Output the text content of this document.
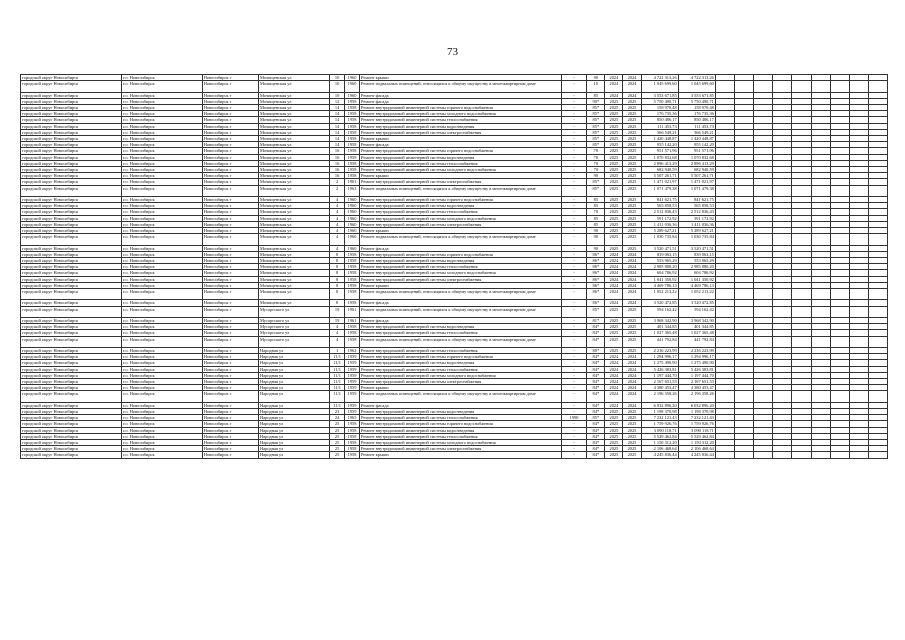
73
городской округ Новосибирск	г.о. Новосибирск	Новосибирск г	Мочищенская ул	10	1960	Ремонт крыши	-	90	2024	2024	4 722 313,26	4 722 313,26									
городской округ Новосибирск	г.о. Новосибирск	Новосибирск г	Мочищенская ул	10	1960	Ремонт подвальных помещений, относящихся к общему имуществу в многоквартирном доме	-	10	2024	2024	1 045 699,60	1 045 699,60									
городской округ Новосибирск	г.о. Новосибирск	Новосибирск г	Мочищенская ул	10	1960	Ремонт фасада	-	85	2024	2024	3 553 671,85	3 553 671,85									
городской округ Новосибирск	г.о. Новосибирск	Новосибирск г	Мочищенская ул	12	1958	Ремонт фасада	-	90*	2025	2025	5 750 490,71	5 750 490,71									
городской округ Новосибирск	г.о. Новосибирск	Новосибирск г	Мочищенская ул	14	1958	Ремонт внутридомовой инженерной системы горячего водоснабжения	-	85*	2025	2025	158 970,48	158 970,48									
городской округ Новосибирск	г.о. Новосибирск	Новосибирск г	Мочищенская ул	14	1958	Ремонт внутридомовой инженерной системы холодного водоснабжения	-	85*	2025	2025	176 735,36	176 735,36									
городской округ Новосибирск	г.о. Новосибирск	Новосибирск г	Мочищенская ул	14	1958	Ремонт внутридомовой инженерной системы теплоснабжения	-	85*	2025	2025	850 486,17	850 486,17									
городской округ Новосибирск	г.о. Новосибирск	Новосибирск г	Мочищенская ул	14	1958	Ремонт внутридомовой инженерной системы водоотведения	-	85*	2025	2025	111 453,73	111 453,73									
городской округ Новосибирск	г.о. Новосибирск	Новосибирск г	Мочищенская ул	14	1958	Ремонт внутридомовой инженерной системы электроснабжения	-	85*	2025	2025	366 549,21	366 549,21									
городской округ Новосибирск	г.о. Новосибирск	Новосибирск г	Мочищенская ул	14	1958	Ремонт крыши	-	85*	2025	2025	1 420 448,87	1 420 448,87									
городской округ Новосибирск	г.о. Новосибирск	Новосибирск г	Мочищенская ул	14	1958	Ремонт фасада	-	85*	2025	2025	955 142,20	955 142,20									
городской округ Новосибирск	г.о. Новосибирск	Новосибирск г	Мочищенская ул	16	1958	Ремонт внутридомовой инженерной системы горячего водоснабжения	-	70	2025	2025	951 571,96	951 571,96									
городской округ Новосибирск	г.о. Новосибирск	Новосибирск г	Мочищенская ул	16	1958	Ремонт внутридомовой инженерной системы водоотведения	-	70	2025	2025	1 070 832,68	1 070 832,68									
городской округ Новосибирск	г.о. Новосибирск	Новосибирск г	Мочищенская ул	16	1958	Ремонт внутридомовой инженерной системы теплоснабжения	-	70	2025	2025	2 896 413,29	2 896 413,29									
городской округ Новосибирск	г.о. Новосибирск	Новосибирск г	Мочищенская ул	16	1958	Ремонт внутридомовой инженерной системы холодного водоснабжения	-	70	2025	2025	682 940,59	682 940,59									
городской округ Новосибирск	г.о. Новосибирск	Новосибирск г	Мочищенская ул	16	1958	Ремонт крыши	-	90	2025	2025	5 507 261,71	5 507 261,71									
городской округ Новосибирск	г.о. Новосибирск	Новосибирск г	Мочищенская ул	2	1961	Ремонт внутридомовой инженерной системы электроснабжения	-	85*	2025	2025	1 471 021,97	1 471 021,97									
городской округ Новосибирск	г.о. Новосибирск	Новосибирск г	Мочищенская ул	2	1961	Ремонт подвальных помещений, относящихся к общему имуществу в многоквартирном доме	-	85*	2025	2025	1 071 479,38	1 071 479,38									
городской округ Новосибирск	г.о. Новосибирск	Новосибирск г	Мочищенская ул	4	1960	Ремонт внутридомовой инженерной системы горячего водоснабжения	-	85	2025	2025	841 621,75	841 621,75									
городской округ Новосибирск	г.о. Новосибирск	Новосибирск г	Мочищенская ул	4	1960	Ремонт внутридомовой инженерной системы водоотведения	-	85	2025	2025	565 858,53	565 858,53									
городской округ Новосибирск	г.о. Новосибирск	Новосибирск г	Мочищенская ул	4	1960	Ремонт внутридомовой инженерной системы теплоснабжения	-	70	2025	2025	2 512 836,43	2 512 836,43									
городской округ Новосибирск	г.о. Новосибирск	Новосибирск г	Мочищенская ул	4	1960	Ремонт внутридомовой инженерной системы холодного водоснабжения	-	85	2025	2025	591 172,92	591 172,92									
городской округ Новосибирск	г.о. Новосибирск	Новосибирск г	Мочищенская ул	4	1960	Ремонт внутридомовой инженерной системы электроснабжения	-	85	2025	2025	1 411 036,36	1 411 036,36									
городской округ Новосибирск	г.о. Новосибирск	Новосибирск г	Мочищенская ул	4	1960	Ремонт крыши	-	90	2025	2025	5 289 627,21	5 289 627,21									
городской округ Новосибирск	г.о. Новосибирск	Новосибирск г	Мочищенская ул	4	1960	Ремонт подвальных помещений, относящихся к общему имуществу в многоквартирном доме	-	90	2025	2025	1 030 735,84	1 030 735,84									
городской округ Новосибирск	г.о. Новосибирск	Новосибирск г	Мочищенская ул	4	1960	Ремонт фасада	-	90	2025	2025	3 520 471,51	3 520 471,51									
городской округ Новосибирск	г.о. Новосибирск	Новосибирск г	Мочищенская ул	8	1958	Ремонт внутридомовой инженерной системы горячего водоснабжения	-	86*	2024	2024	839 063,15	839 063,15									
городской округ Новосибирск	г.о. Новосибирск	Новосибирск г	Мочищенская ул	8	1958	Ремонт внутридомовой инженерной системы водоотведения	-	86*	2024	2024	553 965,29	553 965,29									
городской округ Новосибирск	г.о. Новосибирск	Новосибирск г	Мочищенская ул	8	1958	Ремонт внутридомовой инженерной системы теплоснабжения	-	86*	2024	2024	2 985 880,20	2 985 880,20									
городской округ Новосибирск	г.о. Новосибирск	Новосибирск г	Мочищенская ул	8	1958	Ремонт внутридомовой инженерной системы холодного водоснабжения	-	86*	2024	2024	604 786,92	604 786,92									
городской округ Новосибирск	г.о. Новосибирск	Новосибирск г	Мочищенская ул	8	1958	Ремонт внутридомовой инженерной системы электроснабжения	-	86*	2024	2024	1 041 350,92	1 041 350,92									
городской округ Новосибирск	г.о. Новосибирск	Новосибирск г	Мочищенская ул	8	1958	Ремонт крыши	-	86*	2024	2024	4 469 786,13	4 469 786,13									
городской округ Новосибирск	г.о. Новосибирск	Новосибирск г	Мочищенская ул	8	1958	Ремонт подвальных помещений, относящихся к общему имуществу в многоквартирном доме	-	86*	2024	2024	1 052 213,22	1 052 213,22									
городской округ Новосибирск	г.о. Новосибирск	Новосибирск г	Мочищенская ул	8	1958	Ремонт фасада	-	86*	2024	2024	3 520 472,85	3 520 472,85									
городской округ Новосибирск	г.о. Новосибирск	Новосибирск г	Мусоргского ул	19	1961	Ремонт подвальных помещений, относящихся к общему имуществу в многоквартирном доме	-	85*	2025	2025	594 162,42	594 162,42									
городской округ Новосибирск	г.о. Новосибирск	Новосибирск г	Мусоргского ул	19	1961	Ремонт фасада	-	81*	2025	2025	3 968 342,90	3 968 342,90									
городской округ Новосибирск	г.о. Новосибирск	Новосибирск г	Мусоргского ул	4	1958	Ремонт внутридомовой инженерной системы водоотведения	-	84*	2025	2025	401 344,85	401 344,85									
городской округ Новосибирск	г.о. Новосибирск	Новосибирск г	Мусоргского ул	4	1958	Ремонт внутридомовой инженерной системы теплоснабжения	-	84*	2025	2025	1 027 365,48	1 027 365,48									
городской округ Новосибирск	г.о. Новосибирск	Новосибирск г	Мусоргского ул	4	1958	Ремонт подвальных помещений, относящихся к общему имуществу в многоквартирном доме	-	84*	2025	2025	441 792,84	441 792,84									
городской округ Новосибирск	г.о. Новосибирск	Новосибирск г	Народная ул	1	1962	Ремонт внутридомовой инженерной системы теплоснабжения	-	80*	2025	2025	2 216 223,99	2 216 223,99									
городской округ Новосибирск	г.о. Новосибирск	Новосибирск г	Народная ул	11/1	1959	Ремонт внутридомовой инженерной системы горячего водоснабжения	-	84*	2024	2024	1 294 996,17	1 294 996,17									
городской округ Новосибирск	г.о. Новосибирск	Новосибирск г	Народная ул	11/1	1959	Ремонт внутридомовой инженерной системы водоотведения	-	84*	2024	2024	1 275 490,90	1 275 490,90									
городской округ Новосибирск	г.о. Новосибирск	Новосибирск г	Народная ул	11/1	1959	Ремонт внутридомовой инженерной системы теплоснабжения	-	84*	2024	2024	5 426 383,81	5 426 383,81									
городской округ Новосибирск	г.о. Новосибирск	Новосибирск г	Народная ул	11/1	1959	Ремонт внутридомовой инженерной системы холодного водоснабжения	-	84*	2024	2024	1 197 444,70	1 197 444,70									
городской округ Новосибирск	г.о. Новосибирск	Новосибирск г	Народная ул	11/1	1959	Ремонт внутридомовой инженерной системы электроснабжения	-	84*	2024	2024	2 167 651,53	2 167 651,53									
городской округ Новосибирск	г.о. Новосибирск	Новосибирск г	Народная ул	11/1	1959	Ремонт крыши	-	84*	2024	2024	4 380 453,47	4 380 453,47									
городской округ Новосибирск	г.о. Новосибирск	Новосибирск г	Народная ул	11/1	1959	Ремонт подвальных помещений, относящихся к общему имуществу в многоквартирном доме	-	84*	2024	2024	2 196 358,26	2 196 358,26									
городской округ Новосибирск	г.о. Новосибирск	Новосибирск г	Народная ул	11/1	1959	Ремонт фасада	-	84*	2024	2024	6 032 896,20	6 032 896,20									
городской округ Новосибирск	г.о. Новосибирск	Новосибирск г	Народная ул	23	1959	Ремонт внутридомовой инженерной системы водоотведения	-	84*	2025	2025	1 198 370,98	1 198 370,98									
городской округ Новосибирск	г.о. Новосибирск	Новосибирск г	Народная ул	24	1965	Ремонт внутридомовой инженерной системы теплоснабжения	1990	85*	2025	2025	7 232 121,43	7 232 121,43									
городской округ Новосибирск	г.о. Новосибирск	Новосибирск г	Народная ул	25	1958	Ремонт внутридомовой инженерной системы горячего водоснабжения	-	84*	2025	2025	1 759 926,76	1 759 926,76									
городской округ Новосибирск	г.о. Новосибирск	Новосибирск г	Народная ул	25	1958	Ремонт внутридомовой инженерной системы водоотведения	-	84*	2025	2025	3 090 118,71	3 090 118,71									
городской округ Новосибирск	г.о. Новосибирск	Новосибирск г	Народная ул	25	1958	Ремонт внутридомовой инженерной системы теплоснабжения	-	84*	2025	2025	5 529 462,84	5 529 462,84									
городской округ Новосибирск	г.о. Новосибирск	Новосибирск г	Народная ул	25	1958	Ремонт внутридомовой инженерной системы холодного водоснабжения	-	84*	2025	2025	1 150 312,20	1 150 312,20									
городской округ Новосибирск	г.о. Новосибирск	Новосибирск г	Народная ул	25	1958	Ремонт внутридомовой инженерной системы электроснабжения	-	84*	2025	2025	2 106 468,64	2 106 468,64									
городской округ Новосибирск	г.о. Новосибирск	Новосибирск г	Народная ул	25	1958	Ремонт крыши	-	84*	2025	2025	4 245 836,44	4 245 836,44									
